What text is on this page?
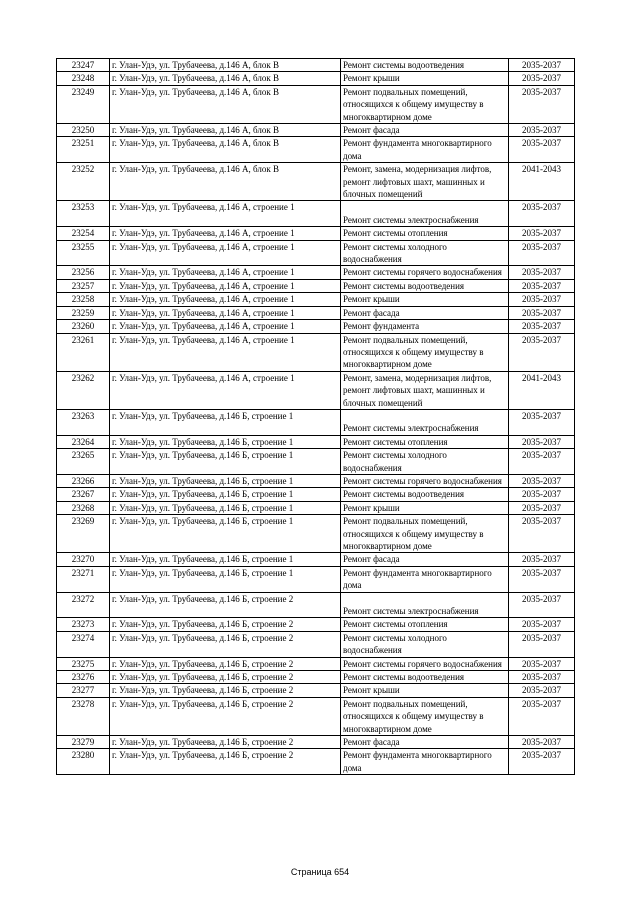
23247	г. Улан-Удэ, ул. Трубачеева, д.146 А, блок В	Ремонт системы водоотведения	2035-2037
23248	г. Улан-Удэ, ул. Трубачеева, д.146 А, блок В	Ремонт крыши	2035-2037
23249	г. Улан-Удэ, ул. Трубачеева, д.146 А, блок В	Ремонт подвальных помещений, относящихся к общему имуществу в многоквартирном доме	2035-2037
23250	г. Улан-Удэ, ул. Трубачеева, д.146 А, блок В	Ремонт фасада	2035-2037
23251	г. Улан-Удэ, ул. Трубачеева, д.146 А, блок В	Ремонт фундамента многоквартирного дома	2035-2037
23252	г. Улан-Удэ, ул. Трубачеева, д.146 А, блок В	Ремонт, замена, модернизация лифтов, ремонт лифтовых шахт, машинных и блочных помещений	2041-2043
23253	г. Улан-Удэ, ул. Трубачеева, д.146 А, строение 1	Ремонт системы электроснабжения	2035-2037
23254	г. Улан-Удэ, ул. Трубачеева, д.146 А, строение 1	Ремонт системы отопления	2035-2037
23255	г. Улан-Удэ, ул. Трубачеева, д.146 А, строение 1	Ремонт системы холодного водоснабжения	2035-2037
23256	г. Улан-Удэ, ул. Трубачеева, д.146 А, строение 1	Ремонт системы горячего водоснабжения	2035-2037
23257	г. Улан-Удэ, ул. Трубачеева, д.146 А, строение 1	Ремонт системы водоотведения	2035-2037
23258	г. Улан-Удэ, ул. Трубачеева, д.146 А, строение 1	Ремонт крыши	2035-2037
23259	г. Улан-Удэ, ул. Трубачеева, д.146 А, строение 1	Ремонт фасада	2035-2037
23260	г. Улан-Удэ, ул. Трубачеева, д.146 А, строение 1	Ремонт фундамента	2035-2037
23261	г. Улан-Удэ, ул. Трубачеева, д.146 А, строение 1	Ремонт подвальных помещений, относящихся к общему имуществу в многоквартирном доме	2035-2037
23262	г. Улан-Удэ, ул. Трубачеева, д.146 А, строение 1	Ремонт, замена, модернизация лифтов, ремонт лифтовых шахт, машинных и блочных помещений	2041-2043
23263	г. Улан-Удэ, ул. Трубачеева, д.146 Б, строение 1	Ремонт системы электроснабжения	2035-2037
23264	г. Улан-Удэ, ул. Трубачеева, д.146 Б, строение 1	Ремонт системы отопления	2035-2037
23265	г. Улан-Удэ, ул. Трубачеева, д.146 Б, строение 1	Ремонт системы холодного водоснабжения	2035-2037
23266	г. Улан-Удэ, ул. Трубачеева, д.146 Б, строение 1	Ремонт системы горячего водоснабжения	2035-2037
23267	г. Улан-Удэ, ул. Трубачеева, д.146 Б, строение 1	Ремонт системы водоотведения	2035-2037
23268	г. Улан-Удэ, ул. Трубачеева, д.146 Б, строение 1	Ремонт крыши	2035-2037
23269	г. Улан-Удэ, ул. Трубачеева, д.146 Б, строение 1	Ремонт подвальных помещений, относящихся к общему имуществу в многоквартирном доме	2035-2037
23270	г. Улан-Удэ, ул. Трубачеева, д.146 Б, строение 1	Ремонт фасада	2035-2037
23271	г. Улан-Удэ, ул. Трубачеева, д.146 Б, строение 1	Ремонт фундамента многоквартирного дома	2035-2037
23272	г. Улан-Удэ, ул. Трубачеева, д.146 Б, строение 2	Ремонт системы электроснабжения	2035-2037
23273	г. Улан-Удэ, ул. Трубачеева, д.146 Б, строение 2	Ремонт системы отопления	2035-2037
23274	г. Улан-Удэ, ул. Трубачеева, д.146 Б, строение 2	Ремонт системы холодного водоснабжения	2035-2037
23275	г. Улан-Удэ, ул. Трубачеева, д.146 Б, строение 2	Ремонт системы горячего водоснабжения	2035-2037
23276	г. Улан-Удэ, ул. Трубачеева, д.146 Б, строение 2	Ремонт системы водоотведения	2035-2037
23277	г. Улан-Удэ, ул. Трубачеева, д.146 Б, строение 2	Ремонт крыши	2035-2037
23278	г. Улан-Удэ, ул. Трубачеева, д.146 Б, строение 2	Ремонт подвальных помещений, относящихся к общему имуществу в многоквартирном доме	2035-2037
23279	г. Улан-Удэ, ул. Трубачеева, д.146 Б, строение 2	Ремонт фасада	2035-2037
23280	г. Улан-Удэ, ул. Трубачеева, д.146 Б, строение 2	Ремонт фундамента многоквартирного дома	2035-2037
Страница 654
